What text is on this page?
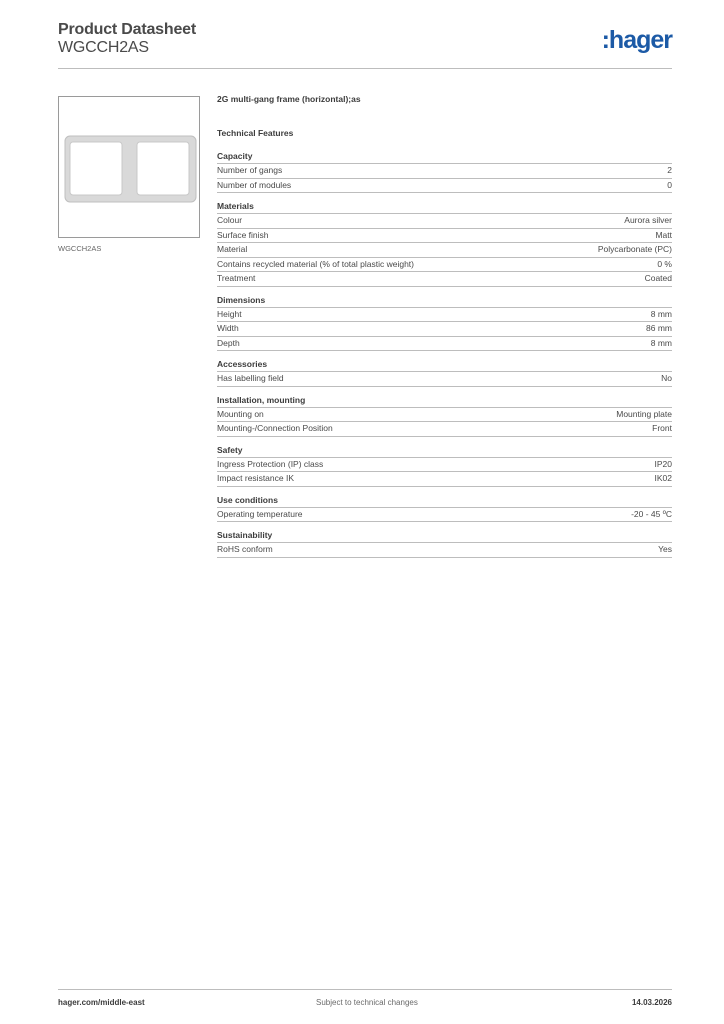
Product Datasheet
WGCCH2AS	:hager
WGCCH2AS
2G multi-gang frame (horizontal);as
Technical Features
Capacity
Number of gangs	2
Number of modules	0
Materials
Colour	Aurora silver
Surface finish	Matt
Material	Polycarbonate (PC)
Contains recycled material (% of total plastic weight)	0 %
Treatment	Coated
Dimensions
Height	8 mm
Width	86 mm
Depth	8 mm
Accessories
Has labelling field	No
Installation, mounting
Mounting on	Mounting plate
Mounting-/Connection Position	Front
Safety
Ingress Protection (IP) class	IP20
Impact resistance IK	IK02
Use conditions
Operating temperature	-20 - 45 ºC
Sustainability
RoHS conform	Yes
hager.com/middle-east	Subject to technical changes	14.03.2026
